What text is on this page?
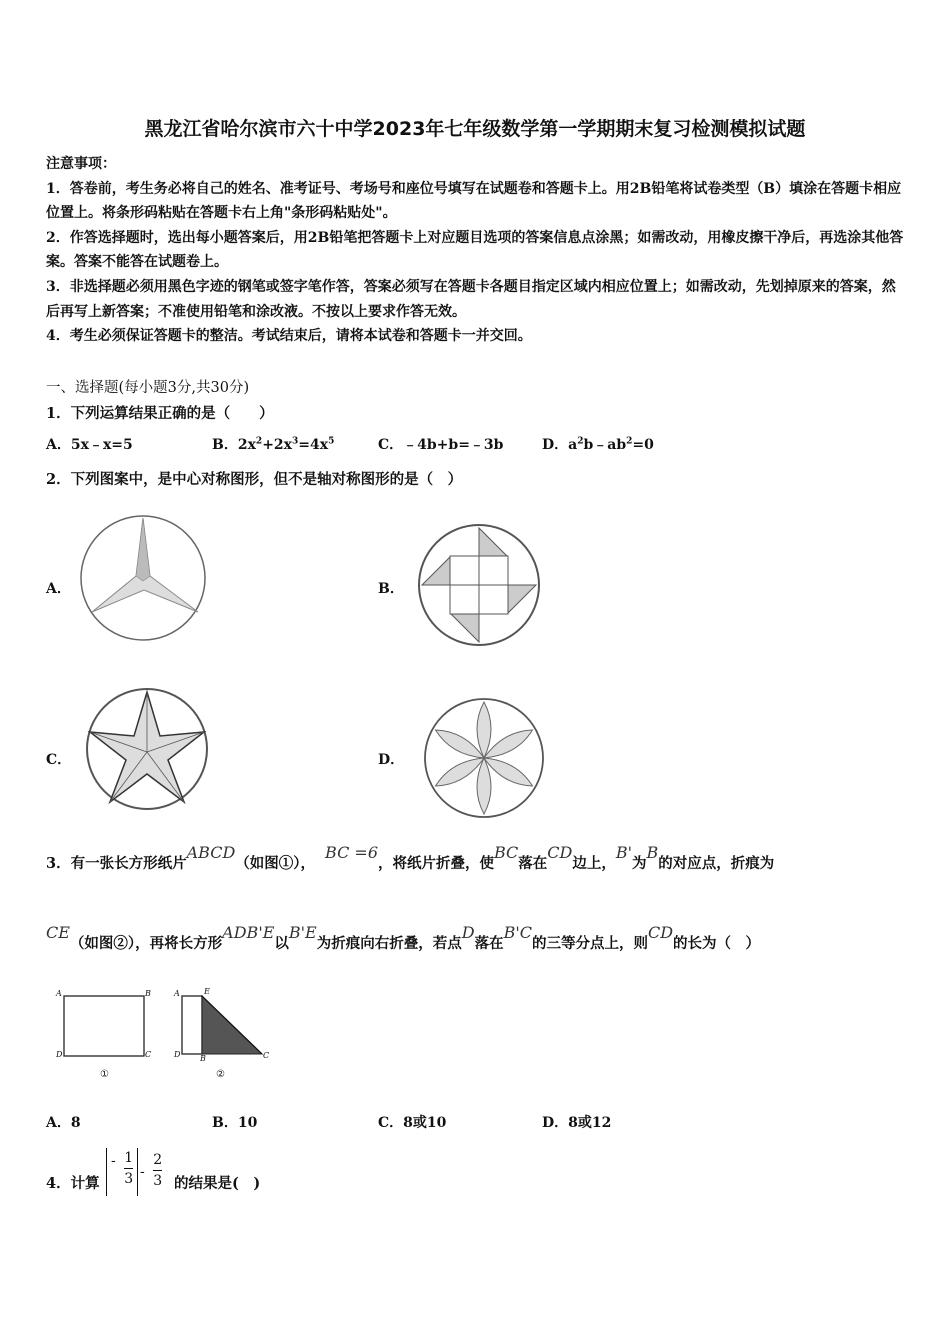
黑龙江省哈尔滨市六十中学2023年七年级数学第一学期期末复习检测模拟试题

注意事项：

1．答卷前，考生务必将自己的姓名、准考证号、考场号和座位号填写在试题卷和答题卡上。用2B铅笔将试卷类型（B）填涂在答题卡相应位置上。将条形码粘贴在答题卡右上角"条形码粘贴处"。

2．作答选择题时，选出每小题答案后，用2B铅笔把答题卡上对应题目选项的答案信息点涂黑；如需改动，用橡皮擦干净后，再选涂其他答案。答案不能答在试题卷上。

3．非选择题必须用黑色字迹的钢笔或签字笔作答，答案必须写在答题卡各题目指定区域内相应位置上；如需改动，先划掉原来的答案，然后再写上新答案；不准使用铅笔和涂改液。不按以上要求作答无效。

4．考生必须保证答题卡的整洁。考试结束后，请将本试卷和答题卡一并交回。

一、选择题(每小题3分,共30分)
1．下列运算结果正确的是（　　）
A．5x﹣x=5	B．$2x^2+2x^3=4x^5$	C．﹣4b+b=﹣3b	D．$a^2b﹣ab^2=0$
2．下列图案中，是中心对称图形，但不是轴对称图形的是（　）
A．	B．
C．	D．
3．有一张长方形纸片ABCD（如图①），BC =6，将纸片折叠，使BC落在CD边上，B'为B的对应点，折痕为
CE（如图②），再将长方形ADB'E以B'E为折痕向右折叠，若点D落在B'C的三等分点上，则CD的长为（　）
A	B
D	C
①
A	E
D B	C
②
A．8	B．10	C．8或10	D．8或12
4．计算
- $\frac{1}{3} - \frac{2}{3}$ 的结果是(　)
